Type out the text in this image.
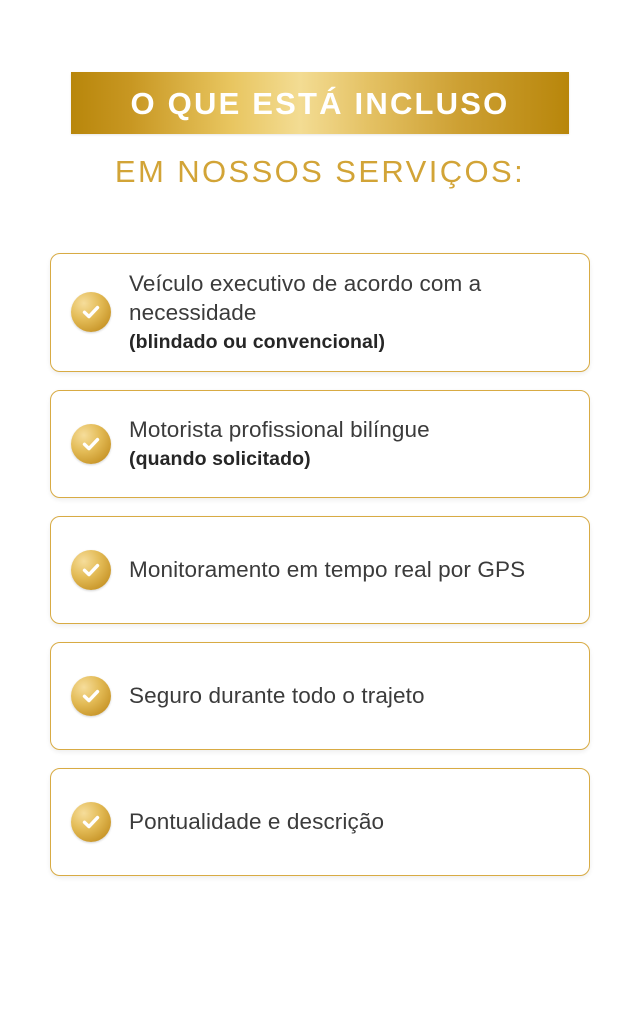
O QUE ESTÁ INCLUSO
EM NOSSOS SERVIÇOS:
Veículo executivo de acordo com a necessidade
(blindado ou convencional)
Motorista profissional bilíngue
(quando solicitado)
Monitoramento em tempo real por GPS
Seguro durante todo o trajeto
Pontualidade e descrição
